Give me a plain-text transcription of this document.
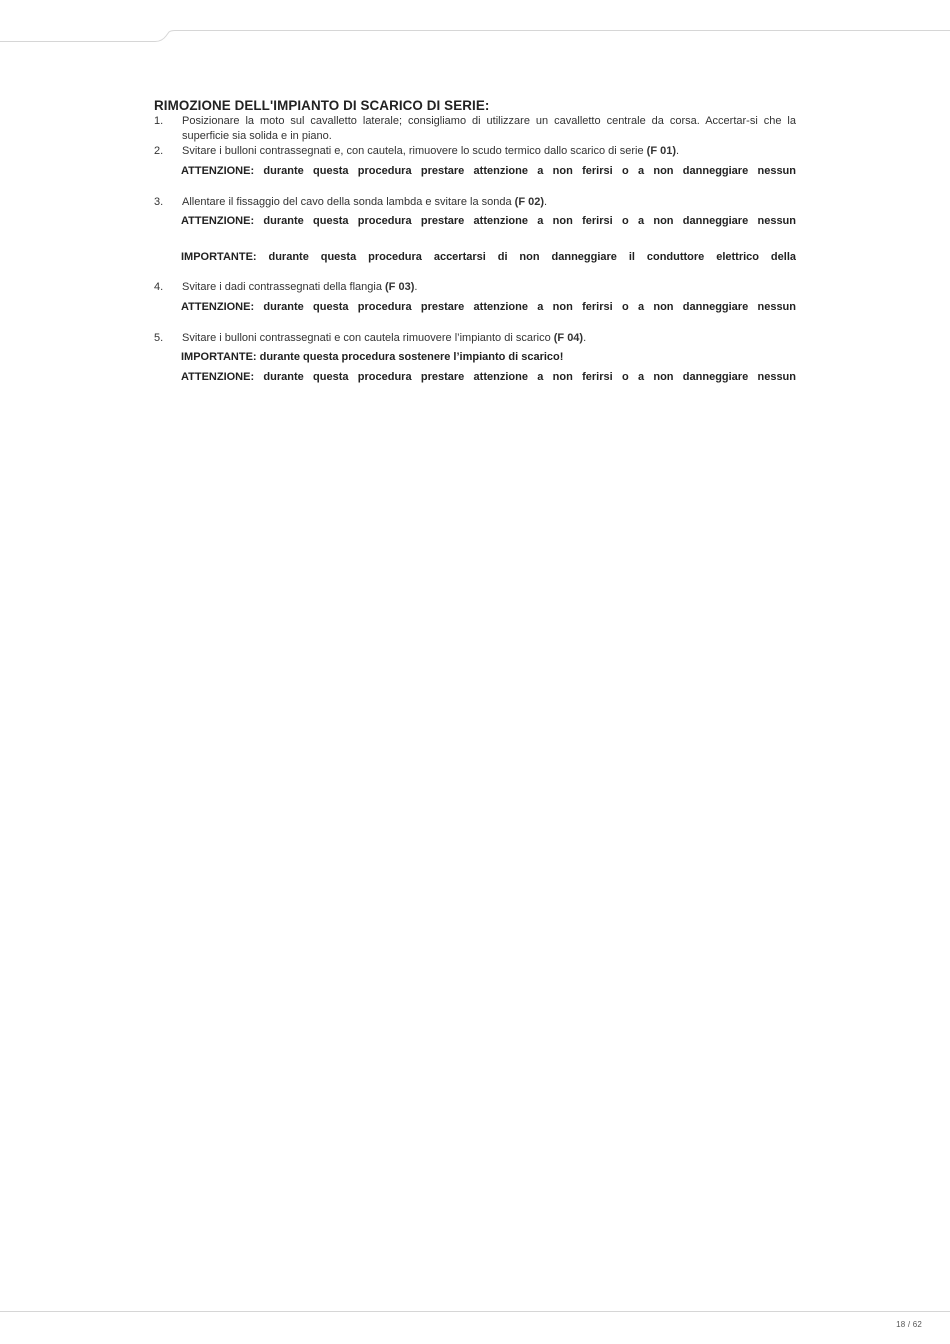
RIMOZIONE DELL'IMPIANTO DI SCARICO DI SERIE:
1. Posizionare la moto sul cavalletto laterale; consigliamo di utilizzare un cavalletto centrale da corsa. Accertar-si che la superficie sia solida e in piano.
2. Svitare i bulloni contrassegnati e, con cautela, rimuovere lo scudo termico dallo scarico di serie (F 01).
ATTENZIONE: durante questa procedura prestare attenzione a non ferirsi o a non danneggiare nessun
3. Allentare il fissaggio del cavo della sonda lambda e svitare la sonda (F 02).
ATTENZIONE: durante questa procedura prestare attenzione a non ferirsi o a non danneggiare nessun
IMPORTANTE: durante questa procedura accertarsi di non danneggiare il conduttore elettrico della
4. Svitare i dadi contrassegnati della flangia (F 03).
ATTENZIONE: durante questa procedura prestare attenzione a non ferirsi o a non danneggiare nessun
5. Svitare i bulloni contrassegnati e con cautela rimuovere l’impianto di scarico (F 04).
IMPORTANTE: durante questa procedura sostenere l’impianto di scarico!
ATTENZIONE: durante questa procedura prestare attenzione a non ferirsi o a non danneggiare nessun
18 / 62
